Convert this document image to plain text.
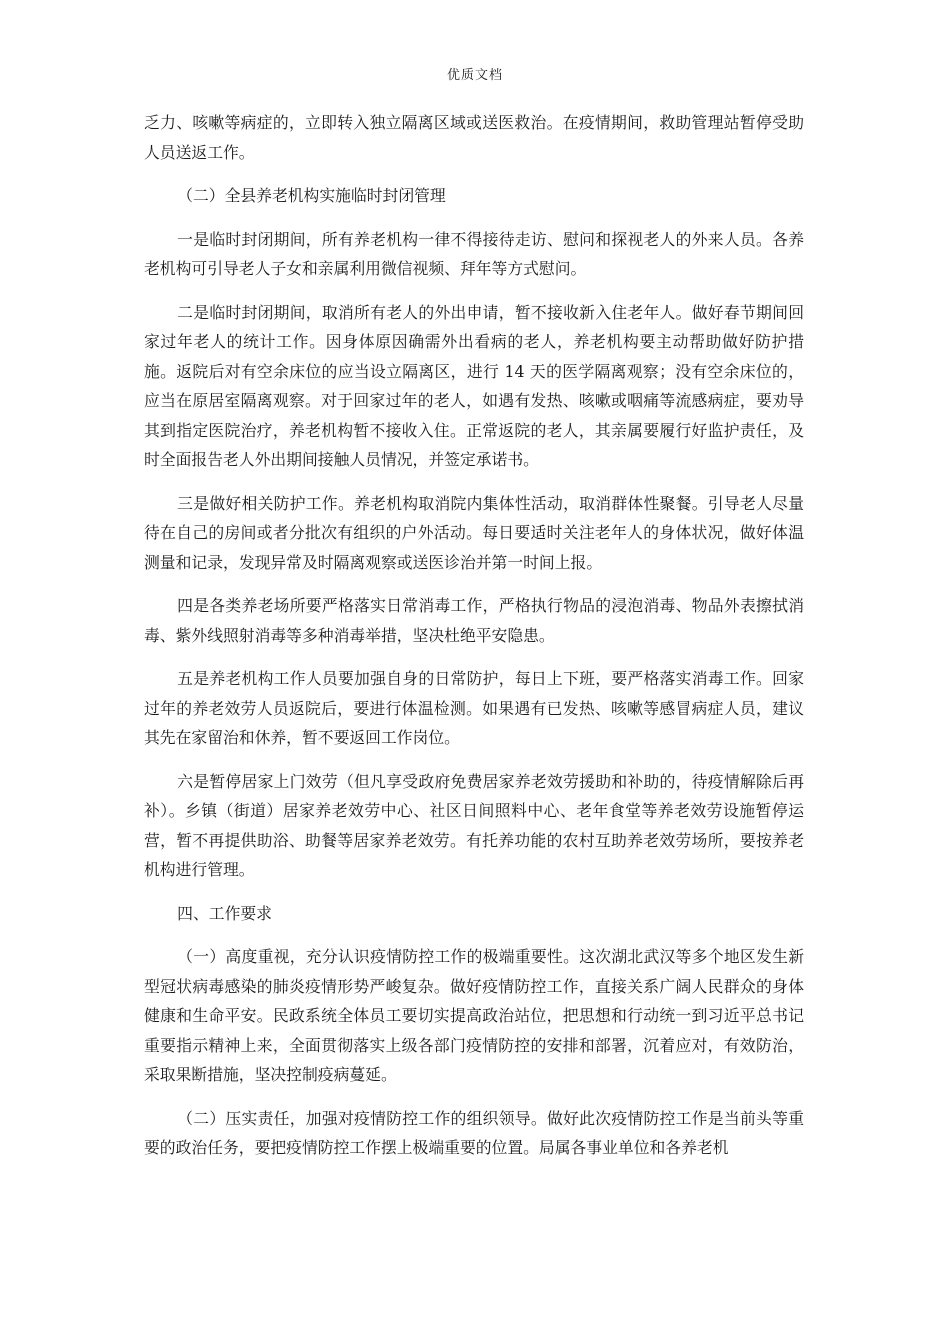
优质文档

乏力、咳嗽等病症的，立即转入独立隔离区域或送医救治。在疫情期间，救助管理站暂停受助人员送返工作。

（二）全县养老机构实施临时封闭管理

一是临时封闭期间，所有养老机构一律不得接待走访、慰问和探视老人的外来人员。各养老机构可引导老人子女和亲属利用微信视频、拜年等方式慰问。

二是临时封闭期间，取消所有老人的外出申请，暂不接收新入住老年人。做好春节期间回家过年老人的统计工作。因身体原因确需外出看病的老人，养老机构要主动帮助做好防护措施。返院后对有空余床位的应当设立隔离区，进行 14 天的医学隔离观察；没有空余床位的，应当在原居室隔离观察。对于回家过年的老人，如遇有发热、咳嗽或咽痛等流感病症，要劝导其到指定医院治疗，养老机构暂不接收入住。正常返院的老人，其亲属要履行好监护责任，及时全面报告老人外出期间接触人员情况，并签定承诺书。

三是做好相关防护工作。养老机构取消院内集体性活动，取消群体性聚餐。引导老人尽量待在自己的房间或者分批次有组织的户外活动。每日要适时关注老年人的身体状况，做好体温测量和记录，发现异常及时隔离观察或送医诊治并第一时间上报。

四是各类养老场所要严格落实日常消毒工作，严格执行物品的浸泡消毒、物品外表擦拭消毒、紫外线照射消毒等多种消毒举措，坚决杜绝平安隐患。

五是养老机构工作人员要加强自身的日常防护，每日上下班，要严格落实消毒工作。回家过年的养老效劳人员返院后，要进行体温检测。如果遇有已发热、咳嗽等感冒病症人员，建议其先在家留治和休养，暂不要返回工作岗位。

六是暂停居家上门效劳（但凡享受政府免费居家养老效劳援助和补助的，待疫情解除后再补）。乡镇（街道）居家养老效劳中心、社区日间照料中心、老年食堂等养老效劳设施暂停运营，暂不再提供助浴、助餐等居家养老效劳。有托养功能的农村互助养老效劳场所，要按养老机构进行管理。

四、工作要求

（一）高度重视，充分认识疫情防控工作的极端重要性。这次湖北武汉等多个地区发生新型冠状病毒感染的肺炎疫情形势严峻复杂。做好疫情防控工作，直接关系广阔人民群众的身体健康和生命平安。民政系统全体员工要切实提高政治站位，把思想和行动统一到习近平总书记重要指示精神上来，全面贯彻落实上级各部门疫情防控的安排和部署，沉着应对，有效防治，采取果断措施，坚决控制疫病蔓延。

（二）压实责任，加强对疫情防控工作的组织领导。做好此次疫情防控工作是当前头等重要的政治任务，要把疫情防控工作摆上极端重要的位置。局属各事业单位和各养老机
